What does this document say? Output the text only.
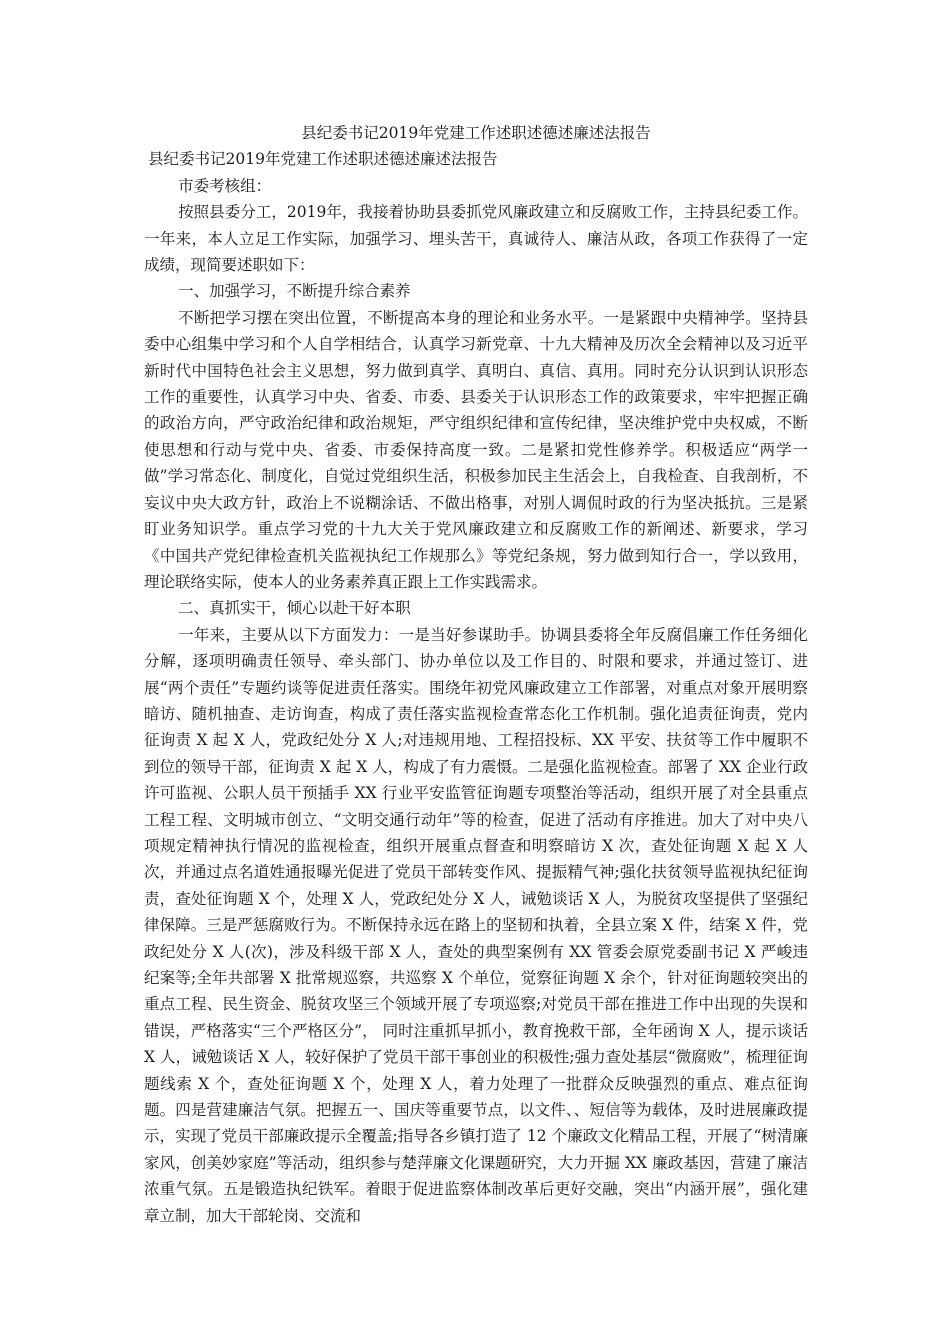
县纪委书记2019年党建工作述职述德述廉述法报告
县纪委书记2019年党建工作述职述德述廉述法报告

市委考核组：

按照县委分工，2019年，我接着协助县委抓党风廉政建立和反腐败工作，主持县纪委工作。一年来，本人立足工作实际，加强学习、埋头苦干，真诚待人、廉洁从政，各项工作获得了一定成绩，现简要述职如下：

一、加强学习，不断提升综合素养

不断把学习摆在突出位置，不断提高本身的理论和业务水平。一是紧跟中央精神学。坚持县委中心组集中学习和个人自学相结合，认真学习新党章、十九大精神及历次全会精神以及习近平新时代中国特色社会主义思想，努力做到真学、真明白、真信、真用。同时充分认识到认识形态工作的重要性，认真学习中央、省委、市委、县委关于认识形态工作的政策要求，牢牢把握正确的政治方向，严守政治纪律和政治规矩，严守组织纪律和宣传纪律，坚决维护党中央权威，不断使思想和行动与党中央、省委、市委保持高度一致。二是紧扣党性修养学。积极适应“两学一做”学习常态化、制度化，自觉过党组织生活，积极参加民主生活会上，自我检查、自我剖析，不妄议中央大政方针，政治上不说糊涂话、不做出格事，对别人调侃时政的行为坚决抵抗。三是紧盯业务知识学。重点学习党的十九大关于党风廉政建立和反腐败工作的新阐述、新要求，学习《中国共产党纪律检查机关监视执纪工作规那么》等党纪条规，努力做到知行合一，学以致用，理论联络实际，使本人的业务素养真正跟上工作实践需求。

二、真抓实干，倾心以赴干好本职

一年来，主要从以下方面发力：一是当好参谋助手。协调县委将全年反腐倡廉工作任务细化分解，逐项明确责任领导、牵头部门、协办单位以及工作目的、时限和要求，并通过签订、进展“两个责任”专题约谈等促进责任落实。围绕年初党风廉政建立工作部署，对重点对象开展明察暗访、随机抽查、走访询查，构成了责任落实监视检查常态化工作机制。强化追责征询责，党内征询责 X 起 X 人，党政纪处分 X 人;对违规用地、工程招投标、XX 平安、扶贫等工作中履职不到位的领导干部，征询责 X 起 X 人，构成了有力震慑。二是强化监视检查。部署了 XX 企业行政许可监视、公职人员干预插手 XX 行业平安监管征询题专项整治等活动，组织开展了对全县重点工程工程、文明城市创立、“文明交通行动年”等的检查，促进了活动有序推进。加大了对中央八项规定精神执行情况的监视检查，组织开展重点督查和明察暗访 X 次，查处征询题 X 起 X 人次，并通过点名道姓通报曝光促进了党员干部转变作风、提振精气神;强化扶贫领导监视执纪征询责，查处征询题 X 个，处理 X 人，党政纪处分 X 人，诫勉谈话 X 人，为脱贫攻坚提供了坚强纪律保障。三是严惩腐败行为。不断保持永远在路上的坚韧和执着，全县立案 X 件，结案 X 件，党政纪处分 X 人(次)，涉及科级干部 X 人，查处的典型案例有 XX 管委会原党委副书记 X 严峻违纪案等;全年共部署 X 批常规巡察，共巡察 X 个单位，觉察征询题 X 余个，针对征询题较突出的重点工程、民生资金、脱贫攻坚三个领域开展了专项巡察;对党员干部在推进工作中出现的失误和错误，严格落实“三个严格区分”， 同时注重抓早抓小，教育挽救干部，全年函询 X 人，提示谈话 X 人，诫勉谈话 X 人，较好保护了党员干部干事创业的积极性;强力查处基层“微腐败”，梳理征询题线索 X 个，查处征询题 X 个，处理 X 人，着力处理了一批群众反映强烈的重点、难点征询题。四是营建廉洁气氛。把握五一、国庆等重要节点，以文件、、短信等为载体，及时进展廉政提示，实现了党员干部廉政提示全覆盖;指导各乡镇打造了 12 个廉政文化精品工程，开展了“树清廉家风，创美妙家庭”等活动，组织参与楚萍廉文化课题研究，大力开掘 XX 廉政基因，营建了廉洁浓重气氛。五是锻造执纪铁军。着眼于促进监察体制改革后更好交融，突出“内涵开展”，强化建章立制，加大干部轮岗、交流和
